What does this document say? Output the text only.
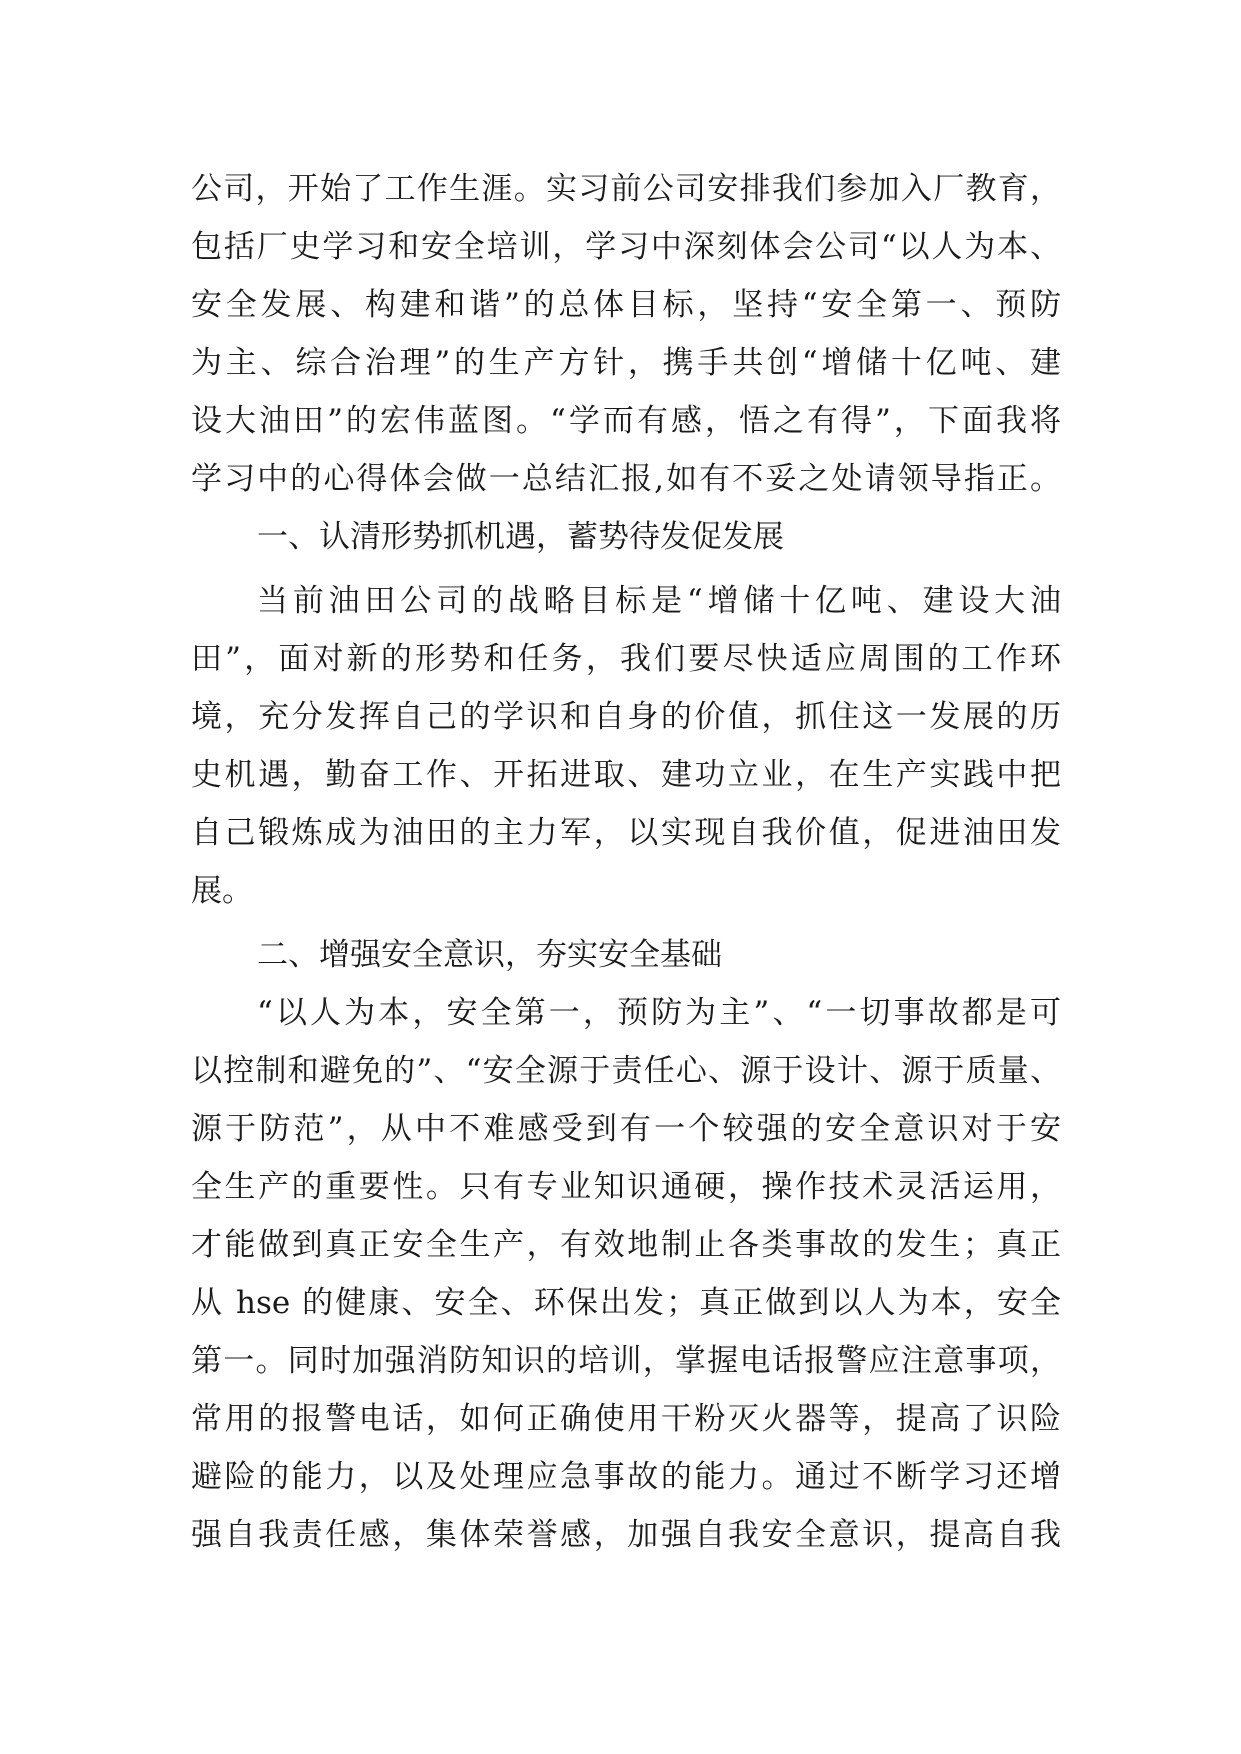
公司，开始了工作生涯。实习前公司安排我们参加入厂教育，
包括厂史学习和安全培训，学习中深刻体会公司“以人为本、
安全发展、构建和谐”的总体目标，坚持“安全第一、预防
为主、综合治理”的生产方针，携手共创“增储十亿吨、建
设大油田”的宏伟蓝图。“学而有感，悟之有得”，下面我将
学习中的心得体会做一总结汇报,如有不妥之处请领导指正。
一、认清形势抓机遇，蓄势待发促发展
当前油田公司的战略目标是“增储十亿吨、建设大油
田”，面对新的形势和任务，我们要尽快适应周围的工作环
境，充分发挥自己的学识和自身的价值，抓住这一发展的历
史机遇，勤奋工作、开拓进取、建功立业，在生产实践中把
自己锻炼成为油田的主力军，以实现自我价值，促进油田发
展。
二、增强安全意识，夯实安全基础
“以人为本，安全第一，预防为主”、“一切事故都是可
以控制和避免的”、“安全源于责任心、源于设计、源于质量、
源于防范”，从中不难感受到有一个较强的安全意识对于安
全生产的重要性。只有专业知识通硬，操作技术灵活运用，
才能做到真正安全生产，有效地制止各类事故的发生；真正
从 hse 的健康、安全、环保出发；真正做到以人为本，安全
第一。同时加强消防知识的培训，掌握电话报警应注意事项，
常用的报警电话，如何正确使用干粉灭火器等，提高了识险
避险的能力，以及处理应急事故的能力。通过不断学习还增
强自我责任感，集体荣誉感，加强自我安全意识，提高自我
